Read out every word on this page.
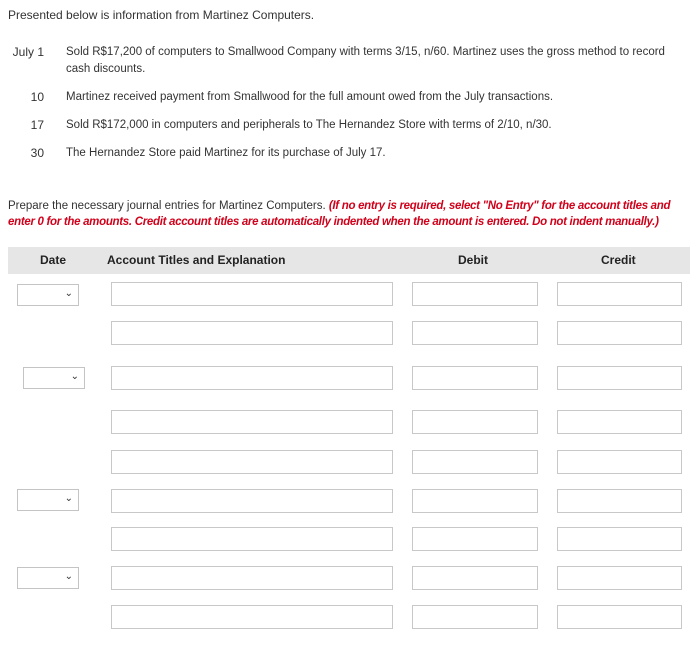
Presented below is information from Martinez Computers.
July 1 Sold R$17,200 of computers to Smallwood Company with terms 3/15, n/60. Martinez uses the gross method to record cash discounts.
10 Martinez received payment from Smallwood for the full amount owed from the July transactions.
17 Sold R$172,000 in computers and peripherals to The Hernandez Store with terms of 2/10, n/30.
30 The Hernandez Store paid Martinez for its purchase of July 17.
Prepare the necessary journal entries for Martinez Computers. (If no entry is required, select "No Entry" for the account titles and enter 0 for the amounts. Credit account titles are automatically indented when the amount is entered. Do not indent manually.)
Date	Account Titles and Explanation	Debit	Credit
⌄
⌄
⌄
⌄
